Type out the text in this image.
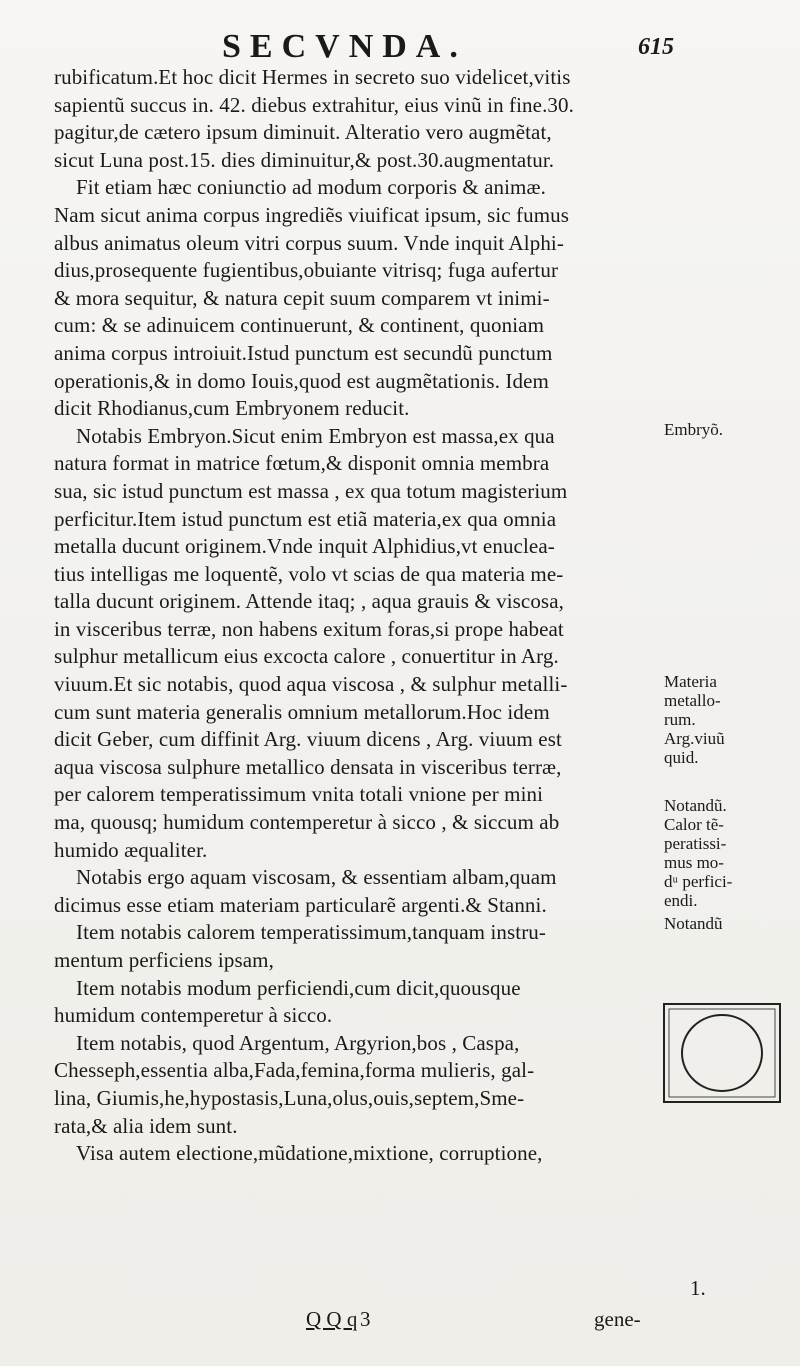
SECVNDA.	615
rubificatum.Et hoc dicit Hermes in secreto suo videlicet,vitis
sapientũ succus in. 42. diebus extrahitur, eius vinũ in fine.30.
pagitur,de cætero ipsum diminuit. Alteratio vero augmẽtat,
sicut Luna post.15. dies diminuitur,& post.30.augmentatur.
Fit etiam hæc coniunctio ad modum corporis & animæ.
Nam sicut anima corpus ingrediẽs viuificat ipsum, sic fumus
albus animatus oleum vitri corpus suum. Vnde inquit Alphi-
dius,prosequente fugientibus,obuiante vitrisq; fuga aufertur
& mora sequitur, & natura cepit suum comparem vt inimi-
cum: & se adinuicem continuerunt, & continent, quoniam
anima corpus introiuit.Istud punctum est secundũ punctum
operationis,& in domo Iouis,quod est augmẽtationis. Idem
dicit Rhodianus,cum Embryonem reducit.
Notabis Embryon.Sicut enim Embryon est massa,ex qua
natura format in matrice fœtum,& disponit omnia membra
sua, sic istud punctum est massa , ex qua totum magisterium
perficitur.Item istud punctum est etiã materia,ex qua omnia
metalla ducunt originem.Vnde inquit Alphidius,vt enuclea-
tius intelligas me loquentẽ, volo vt scias de qua materia me-
talla ducunt originem. Attende itaq; , aqua grauis & viscosa,
in visceribus terræ, non habens exitum foras,si prope habeat
sulphur metallicum eius excocta calore , conuertitur in Arg.
viuum.Et sic notabis, quod aqua viscosa , & sulphur metalli-
cum sunt materia generalis omnium metallorum.Hoc idem
dicit Geber, cum diffinit Arg. viuum dicens , Arg. viuum est
aqua viscosa sulphure metallico densata in visceribus terræ,
per calorem temperatissimum vnita totali vnione per mini
ma, quousq; humidum contemperetur à sicco , & siccum ab
humido æqualiter.
Notabis ergo aquam viscosam, & essentiam albam,quam
dicimus esse etiam materiam particularẽ argenti.& Stanni.
Item notabis calorem temperatissimum,tanquam instru-
mentum perficiens ipsam,
Item notabis modum perficiendi,cum dicit,quousque
humidum contemperetur à sicco.
Item notabis, quod Argentum, Argyrion,bos , Caspa,
Chesseph,essentia alba,Fada,femina,forma mulieris, gal-
lina, Giumis,he,hypostasis,Luna,olus,ouis,septem,Sme-
rata,& alia idem sunt.
Visa autem electione,mũdatione,mixtione, corruptione,
Embryõ.
Materia
metallo-
rum.
Arg.viuũ
quid.
Notandũ.
Calor tẽ-
peratissi-
mus mo-
dᵘ perfici-
endi.
Notandũ
1.
Q Q q 3	gene-
